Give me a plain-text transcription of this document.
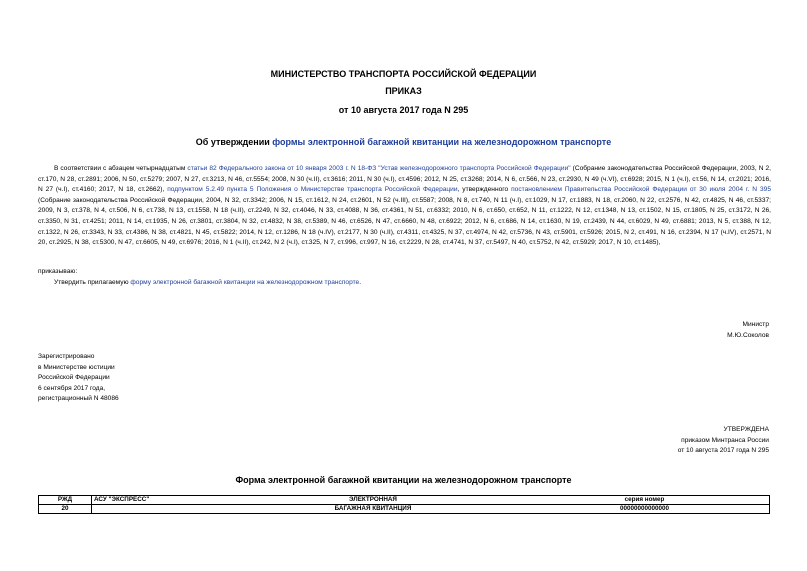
МИНИСТЕРСТВО ТРАНСПОРТА РОССИЙСКОЙ ФЕДЕРАЦИИ
ПРИКАЗ
от 10 августа 2017 года N 295
Об утверждении формы электронной багажной квитанции на железнодорожном транспорте
В соответствии с абзацем четырнадцатым статьи 82 Федерального закона от 10 января 2003 г. N 18-ФЗ "Устав железнодорожного транспорта Российской Федерации" (Собрание законодательства Российской Федерации, 2003, N 2, ст.170, N 28, ст.2891; 2006, N 50, ст.5279; 2007, N 27, ст.3213, N 46, ст.5554; 2008, N 30 (ч.II), ст.3616; 2011, N 30 (ч.I), ст.4596; 2012, N 25, ст.3268; 2014, N 6, ст.566, N 23, ст.2930, N 49 (ч.VI), ст.6928; 2015, N 1 (ч.I), ст.56, N 14, ст.2021; 2016, N 27 (ч.I), ст.4160; 2017, N 18, ст.2662), подпунктом 5.2.49 пункта 5 Положения о Министерстве транспорта Российской Федерации, утвержденного постановлением Правительства Российской Федерации от 30 июля 2004 г. N 395 (Собрание законодательства Российской Федерации, 2004, N 32, ст.3342; 2006, N 15, ст.1612, N 24, ст.2601, N 52 (ч.III), ст.5587; 2008, N 8, ст.740, N 11 (ч.I), ст.1029, N 17, ст.1883, N 18, ст.2060, N 22, ст.2576, N 42, ст.4825, N 46, ст.5337; 2009, N 3, ст.378, N 4, ст.506, N 6, ст.738, N 13, ст.1558, N 18 (ч.II), ст.2249, N 32, ст.4046, N 33, ст.4088, N 36, ст.4361, N 51, ст.6332; 2010, N 6, ст.650, ст.652, N 11, ст.1222, N 12, ст.1348, N 13, ст.1502, N 15, ст.1805, N 25, ст.3172, N 26, ст.3350, N 31, ст.4251; 2011, N 14, ст.1935, N 26, ст.3801, ст.3804, N 32, ст.4832, N 38, ст.5389, N 46, ст.6526, N 47, ст.6660, N 48, ст.6922; 2012, N 6, ст.686, N 14, ст.1630, N 19, ст.2439, N 44, ст.6029, N 49, ст.6881; 2013, N 5, ст.388, N 12, ст.1322, N 26, ст.3343, N 33, ст.4386, N 38, ст.4821, N 45, ст.5822; 2014, N 12, ст.1286, N 18 (ч.IV), ст.2177, N 30 (ч.II), ст.4311, ст.4325, N 37, ст.4974, N 42, ст.5736, N 43, ст.5901, ст.5926; 2015, N 2, ст.491, N 16, ст.2394, N 17 (ч.IV), ст.2571, N 20, ст.2925, N 38, ст.5300, N 47, ст.6605, N 49, ст.6976; 2016, N 1 (ч.II), ст.242, N 2 (ч.I), ст.325, N 7, ст.996, ст.997, N 16, ст.2229, N 28, ст.4741, N 37, ст.5497, N 40, ст.5752, N 42, ст.5929; 2017, N 10, ст.1485),
приказываю:
Утвердить прилагаемую форму электронной багажной квитанции на железнодорожном транспорте.
Министр
М.Ю.Соколов
Зарегистрировано
в Министерстве юстиции
Российской Федерации
6 сентября 2017 года,
регистрационный N 48086
УТВЕРЖДЕНА
приказом Минтранса России
от 10 августа 2017 года N 295
Форма электронной багажной квитанции на железнодорожном транспорте
РЖД	АСУ "ЭКСПРЕСС"	ЭЛЕКТРОННАЯ	серия номер
20		БАГАЖНАЯ КВИТАНЦИЯ	00000000000000
